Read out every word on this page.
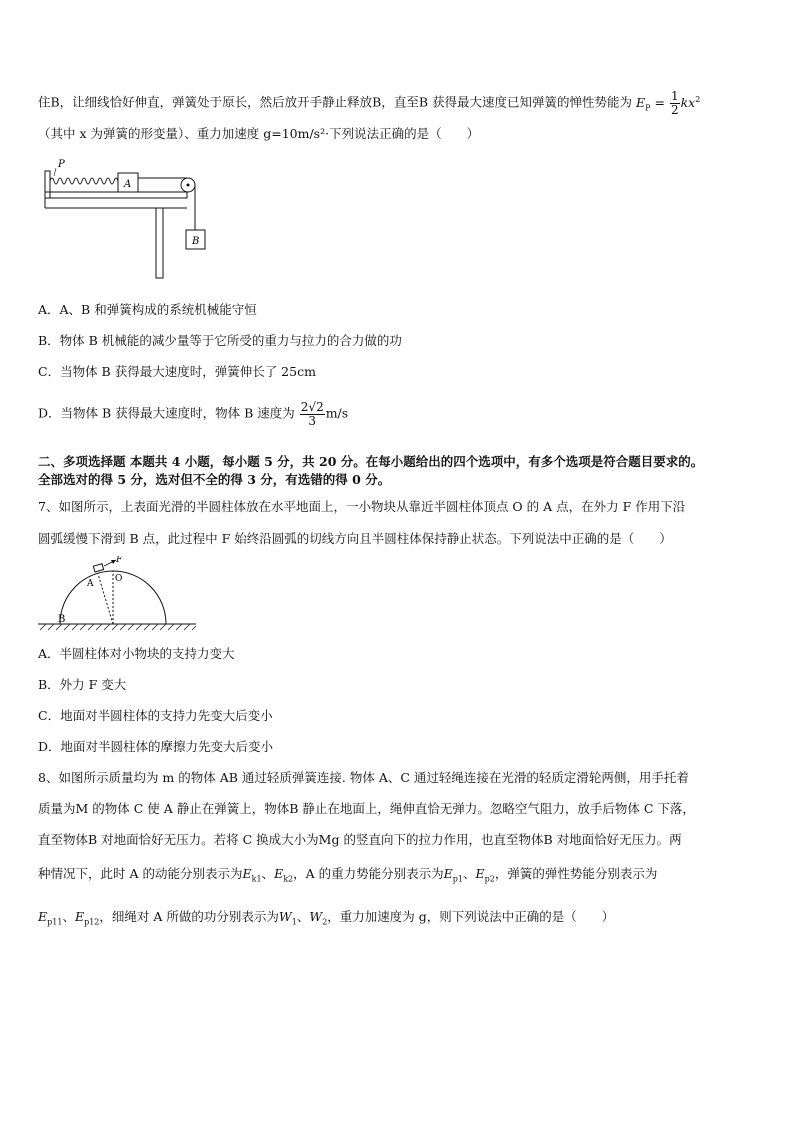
住B，让细线恰好伸直，弹簧处于原长，然后放开手静止释放B，直至B 获得最大速度已知弹簧的惮性势能为 $E_P = \frac{1}{2} kx^2$
（其中 x 为弹簧的形变量）、重力加速度 g=10m/s²·下列说法正确的是（　　）
A
B
P
A．A、B 和弹簧构成的系统机械能守恒
B．物体 B 机械能的减少量等于它所受的重力与拉力的合力做的功
C．当物体 B 获得最大速度时，弹簧伸长了 25cm
D．当物体 B 获得最大速度时，物体 B 速度为 $\frac{2√2}{3} m/s$
二、多项选择题 本题共 4 小题，每小题 5 分，共 20 分。在每小题给出的四个选项中，有多个选项是符合题目要求的。
全部选对的得 5 分，选对但不全的得 3 分，有选错的得 0 分。
7、如图所示，上表面光滑的半圆柱体放在水平地面上，一小物块从靠近半圆柱体顶点 O 的 A 点，在外力 F 作用下沿
圆弧缓慢下滑到 B 点，此过程中 F 始终沿圆弧的切线方向且半圆柱体保持静止状态。下列说法中正确的是（　　）
F
A O
B
A．半圆柱体对小物块的支持力变大
B．外力 F 变大
C．地面对半圆柱体的支持力先变大后变小
D．地面对半圆柱体的摩擦力先变大后变小
8、如图所示质量均为 m 的物体 AB 通过轻质弹簧连接. 物体 A、C 通过轻绳连接在光滑的轻质定滑轮两侧，用手托着
质量为M 的物体 C 使 A 静止在弹簧上，物体B 静止在地面上，绳伸直恰无弹力。忽略空气阻力，放手后物体 C 下落，
直至物体B 对地面恰好无压力。若将 C 换成大小为Mg 的竖直向下的拉力作用，也直至物体B 对地面恰好无压力。两
种情况下，此时 A 的动能分别表示为$E_{k1}$、$E_{k2}$，A 的重力势能分别表示为$E_{p1}$、$E_{p2}$，弹簧的弹性势能分别表示为
$E_{p11}$、$E_{p12}$，细绳对 A 所做的功分别表示为$W_1$、$W_2$，重力加速度为 g，则下列说法中正确的是（　　）
